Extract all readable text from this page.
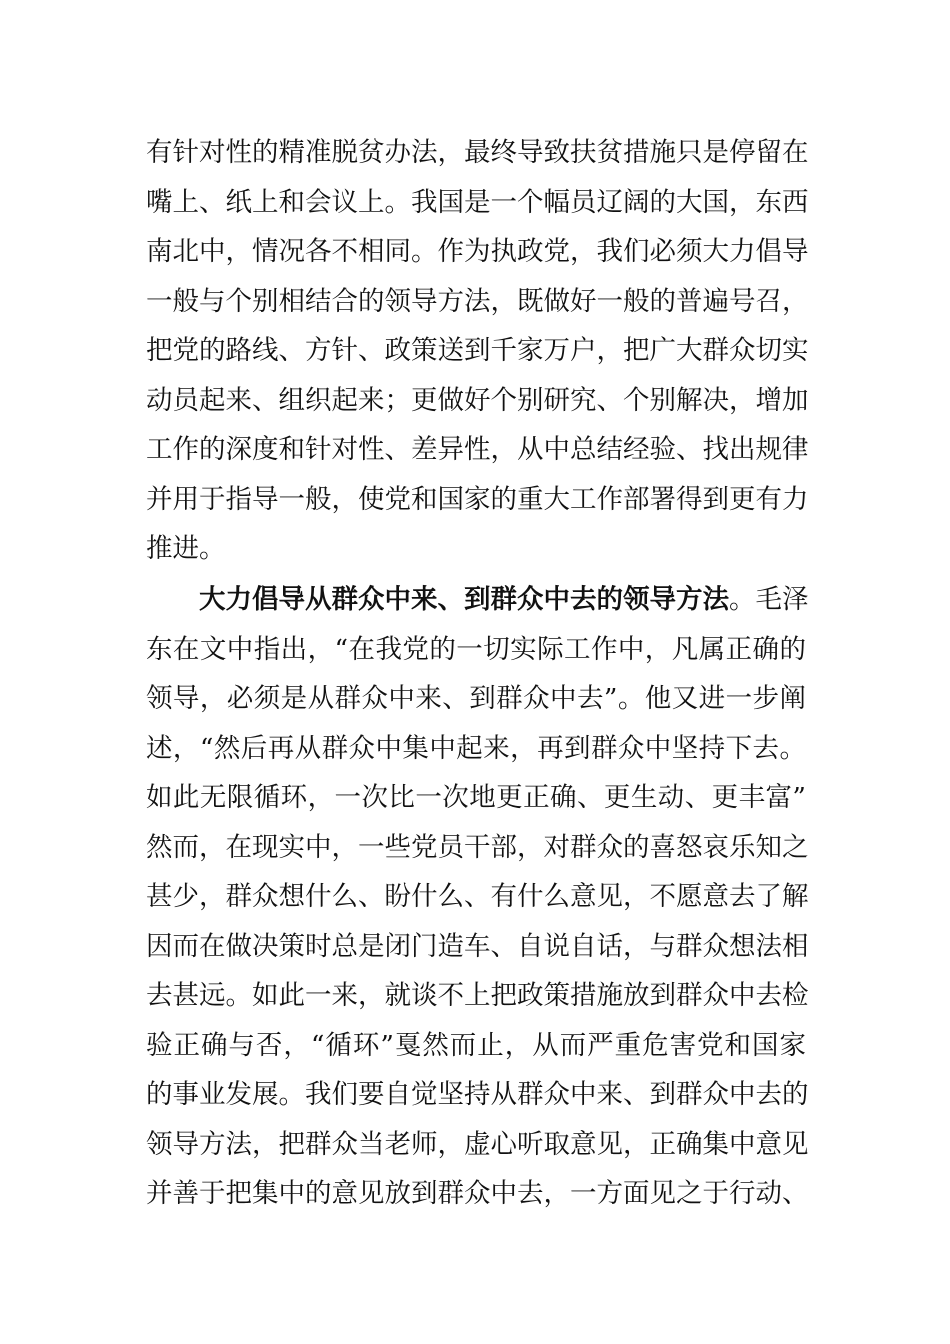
有针对性的精准脱贫办法，最终导致扶贫措施只是停留在
嘴上、纸上和会议上。我国是一个幅员辽阔的大国，东西
南北中，情况各不相同。作为执政党，我们必须大力倡导
一般与个别相结合的领导方法，既做好一般的普遍号召，
把党的路线、方针、政策送到千家万户，把广大群众切实
动员起来、组织起来；更做好个别研究、个别解决，增加
工作的深度和针对性、差异性，从中总结经验、找出规律
并用于指导一般，使党和国家的重大工作部署得到更有力
推进。
大力倡导从群众中来、到群众中去的领导方法。毛泽
东在文中指出，“在我党的一切实际工作中，凡属正确的
领导，必须是从群众中来、到群众中去”。他又进一步阐
述，“然后再从群众中集中起来，再到群众中坚持下去。
如此无限循环，一次比一次地更正确、更生动、更丰富”
然而，在现实中，一些党员干部，对群众的喜怒哀乐知之
甚少，群众想什么、盼什么、有什么意见，不愿意去了解
因而在做决策时总是闭门造车、自说自话，与群众想法相
去甚远。如此一来，就谈不上把政策措施放到群众中去检
验正确与否，“循环”戛然而止，从而严重危害党和国家
的事业发展。我们要自觉坚持从群众中来、到群众中去的
领导方法，把群众当老师，虚心听取意见，正确集中意见
并善于把集中的意见放到群众中去，一方面见之于行动、
